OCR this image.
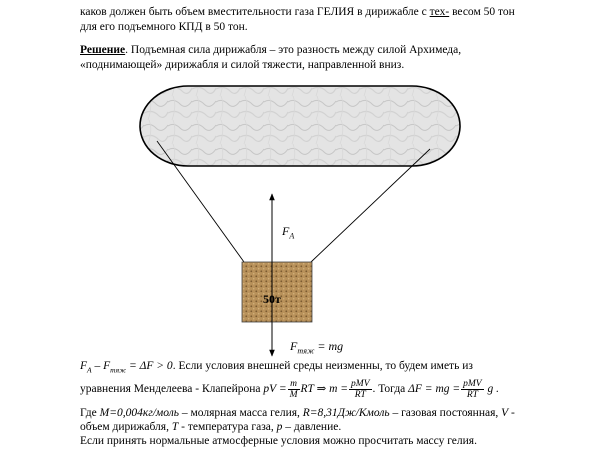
каков должен быть объем вместительности газа ГЕЛИЯ в дирижабле с тех- весом 50 тон
для его подъемного КПД в 50 тон.
Решение. Подъемная сила дирижабля – это разность между силой Архимеда,
«поднимающей» дирижабля и силой тяжести, направленной вниз.
$F_A$
50т
$F_{тяж}$ = mg
$F_A - F_{тяж} = \Delta F > 0$. Если условия внешней среды неизменны, то будем иметь из
уравнения Менделеева - Клапейрона pV = $\frac{m}{M}$ RT ⇒ $m = \frac{\text{pMV}}{RT}$ . Тогда ΔF = mg = $\frac{\text{pMV}}{RT}$ g .
Где M=0,004кг/моль – молярная масса гелия, R=8,31Дж/Кмоль – газовая постоянная, V -
объем дирижабля, T - температура газа, p – давление.
Если принять нормальные атмосферные условия можно просчитать массу гелия.
